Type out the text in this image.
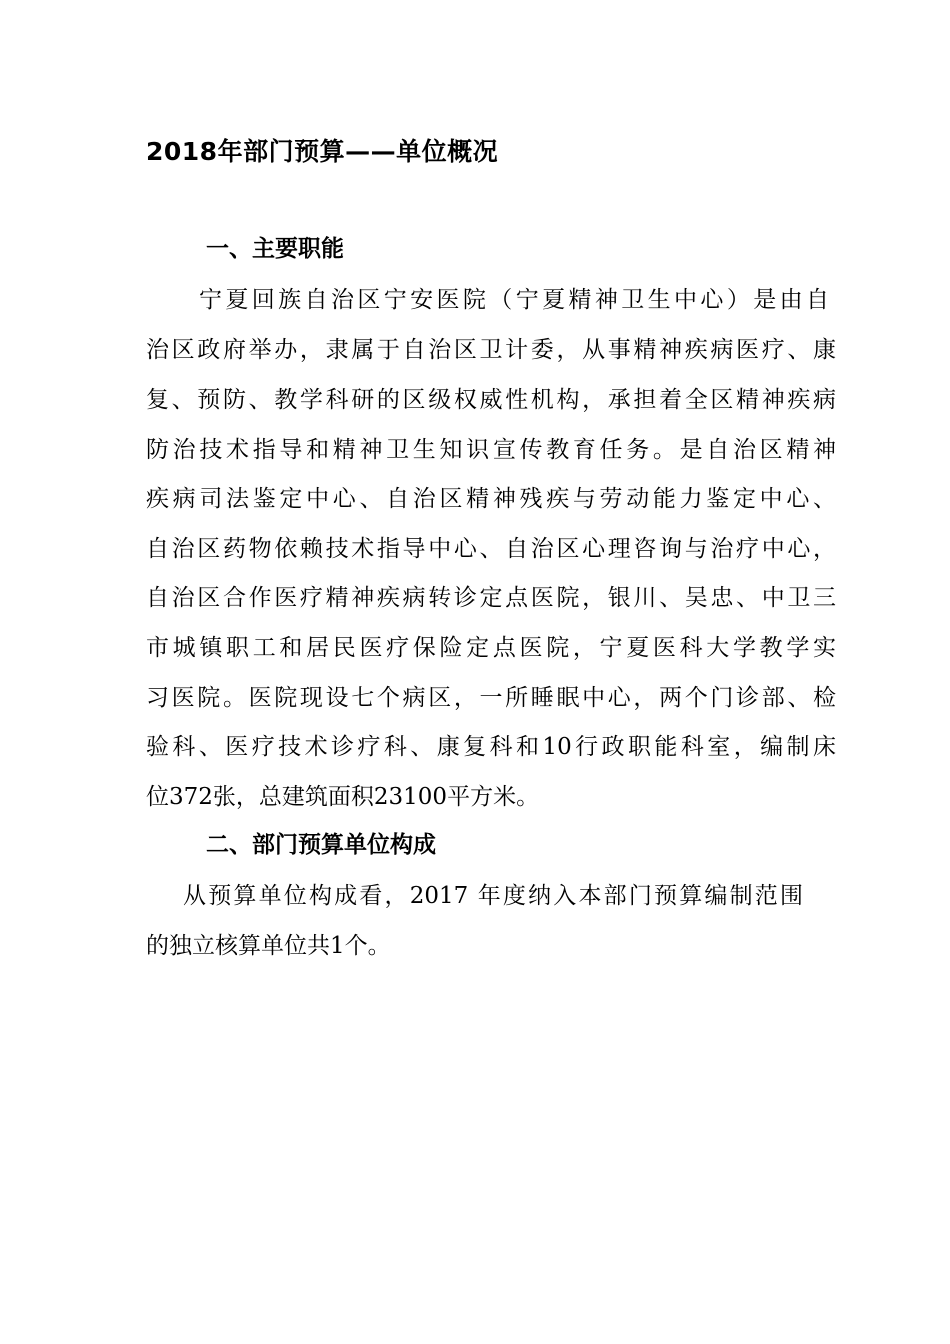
2018年部门预算——单位概况
一、主要职能
宁夏回族自治区宁安医院（宁夏精神卫生中心）是由自
治区政府举办，隶属于自治区卫计委，从事精神疾病医疗、康
复、预防、教学科研的区级权威性机构，承担着全区精神疾病
防治技术指导和精神卫生知识宣传教育任务。是自治区精神
疾病司法鉴定中心、自治区精神残疾与劳动能力鉴定中心、
自治区药物依赖技术指导中心、自治区心理咨询与治疗中心，
自治区合作医疗精神疾病转诊定点医院，银川、吴忠、中卫三
市城镇职工和居民医疗保险定点医院，宁夏医科大学教学实
习医院。医院现设七个病区，一所睡眠中心，两个门诊部、检
验科、医疗技术诊疗科、康复科和10行政职能科室，编制床
位372张，总建筑面积23100平方米。
二、部门预算单位构成
从预算单位构成看，2017 年度纳入本部门预算编制范围
的独立核算单位共1个。
